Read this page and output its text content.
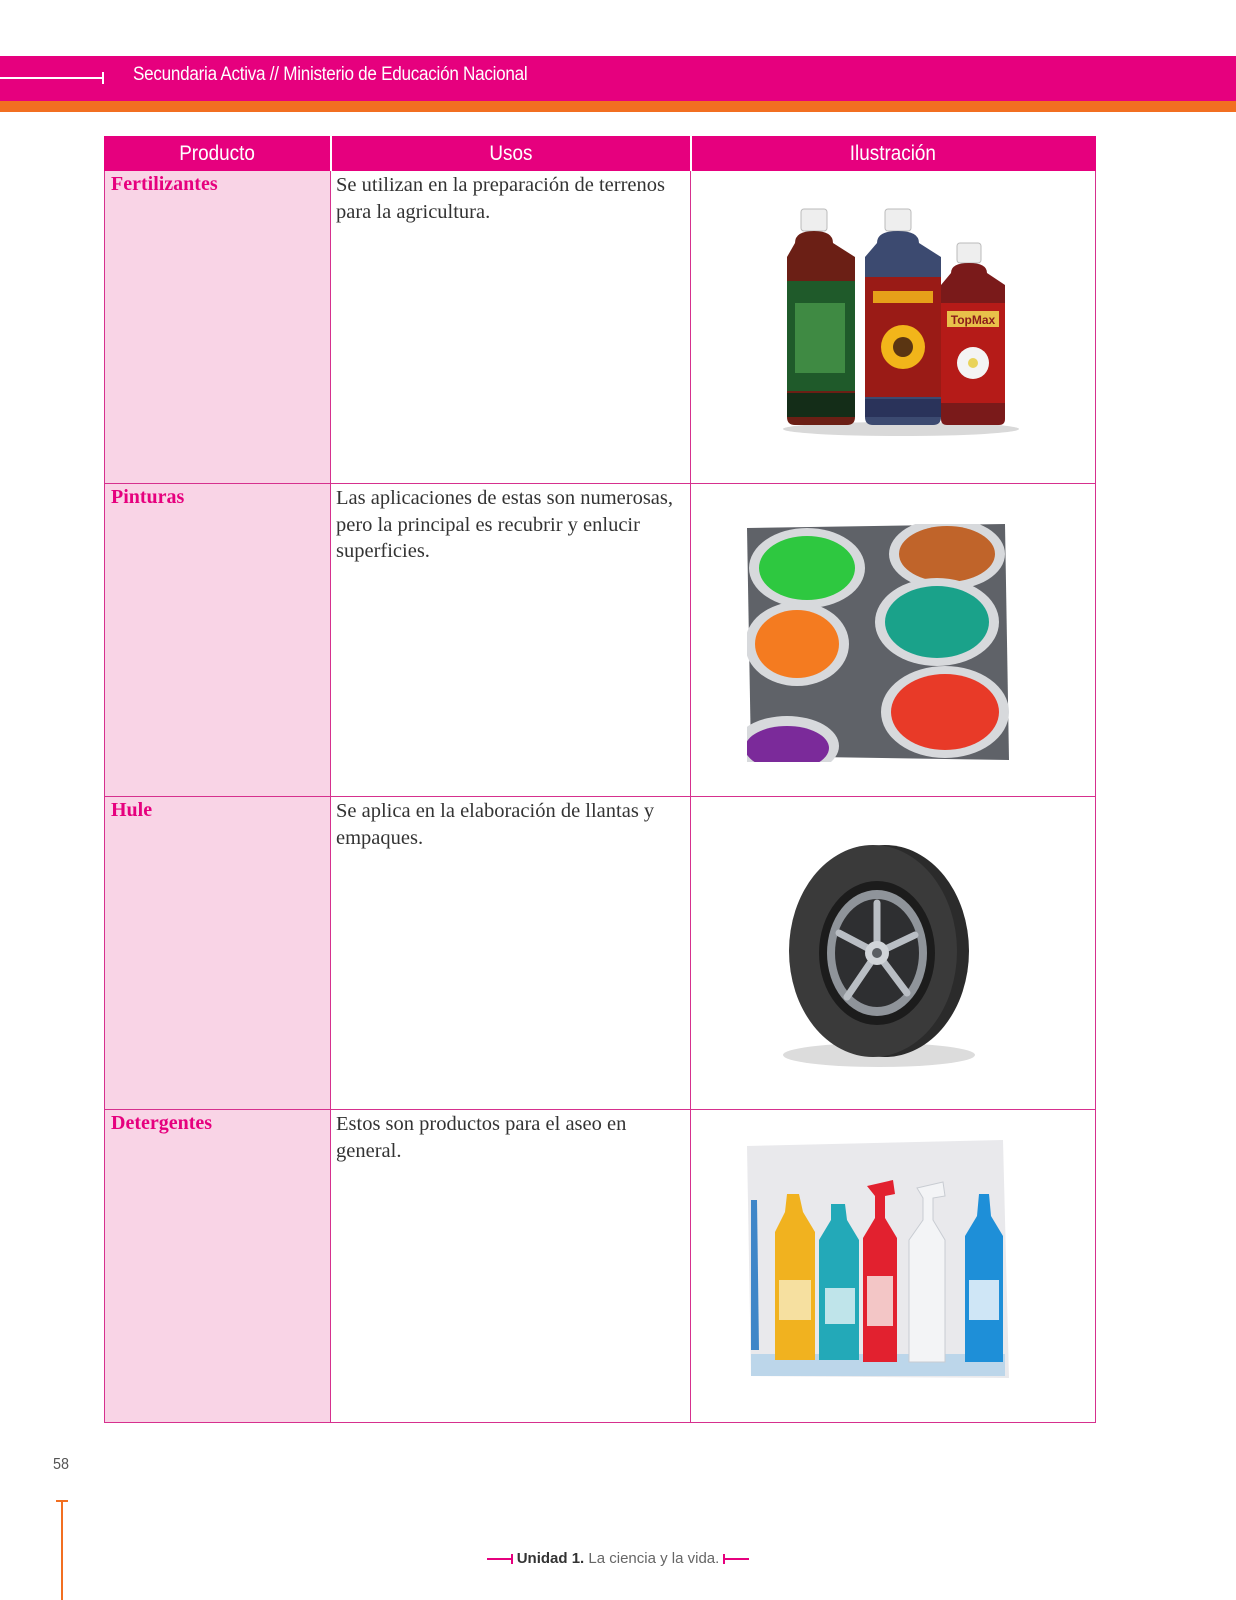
Secundaria Activa // Ministerio de Educación Nacional
Producto	Usos	Ilustración

Fertilizantes	Se utilizan en la preparación de terrenos para la agricultura.	TopMax

Pinturas	Las aplicaciones de estas son numerosas, pero la principal es recubrir y enlucir superficies.

Hule	Se aplica en la elaboración de llantas y empaques.

Detergentes	Estos son productos para el aseo en general.

58
Unidad 1. La ciencia y la vida.
